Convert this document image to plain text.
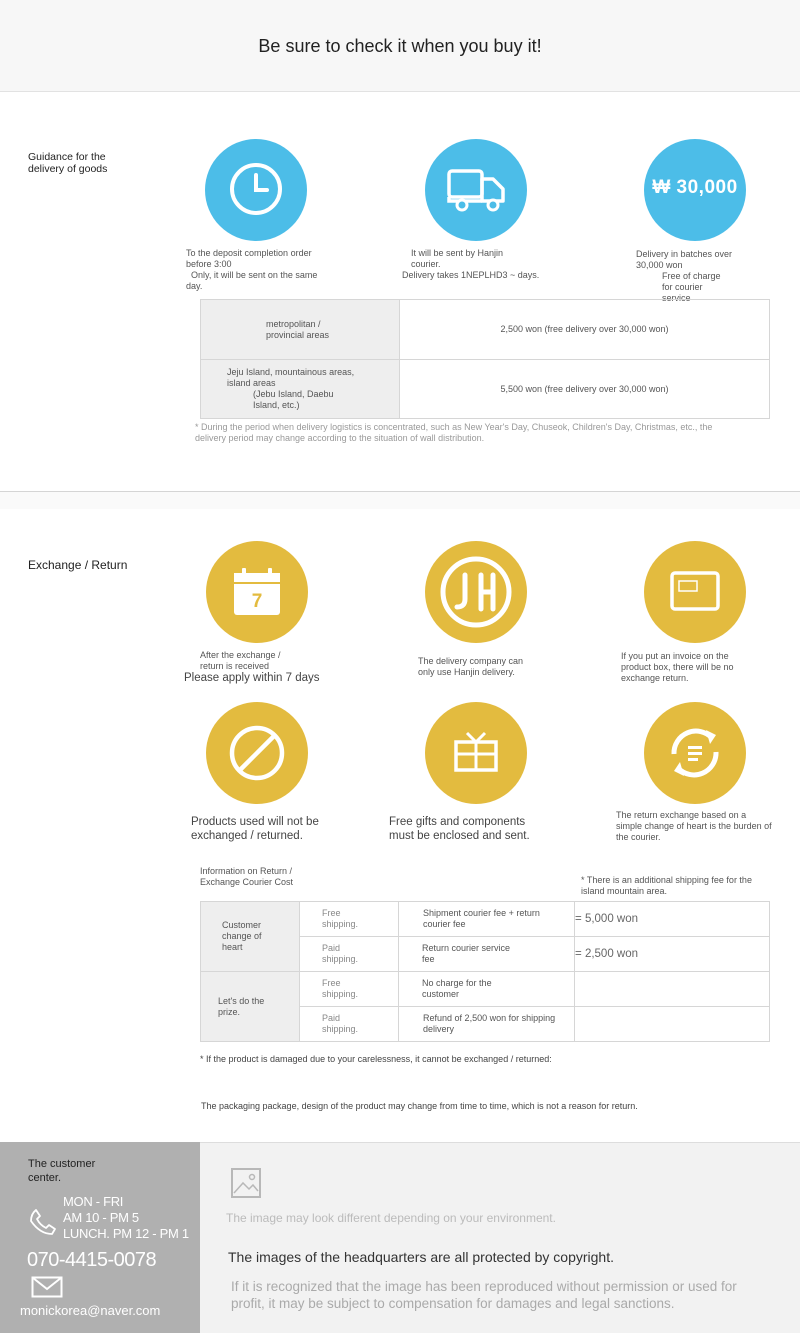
Be sure to check it when you buy it!
Guidance for the delivery of goods
₩ 30,000
To the deposit completion order before 3:00
Only, it will be sent on the same day.
It will be sent by Hanjin courier.
Delivery takes 1NEPLHD3 ~ days.
Delivery in batches over 30,000 won
Free of charge for courier service
metropolitan / provincial areas	2,500 won (free delivery over 30,000 won)
Jeju Island, mountainous areas, island areas

(Jebu Island, Daebu Island, etc.)	5,500 won (free delivery over 30,000 won)
* During the period when delivery logistics is concentrated, such as New Year's Day, Chuseok, Children's Day, Christmas, etc., the delivery period may change according to the situation of wall distribution.
Exchange / Return
7
After the exchange / return is received
Please apply within 7 days
The delivery company can only use Hanjin delivery.
If you put an invoice on the product box, there will be no exchange return.
Products used will not be exchanged / returned.
Free gifts and components must be enclosed and sent.
The return exchange based on a simple change of heart is the burden of the courier.
Information on Return / Exchange Courier Cost	* There is an additional shipping fee for the island mountain area.
Customer change of heart	Free shipping.	Shipment courier fee + return courier fee	= 5,000 won
	Paid shipping.	Return courier service fee	= 2,500 won
Let's do the prize.	Free shipping.	No charge for the customer	
	Paid shipping.	Refund of 2,500 won for shipping delivery	
* If the product is damaged due to your carelessness, it cannot be exchanged / returned:
The packaging package, design of the product may change from time to time, which is not a reason for return.
The customer center.
MON - FRI
AM 10 - PM 5
LUNCH. PM 12 - PM 1
070-4415-0078
monickorea@naver.com
The image may look different depending on your environment.
The images of the headquarters are all protected by copyright.
If it is recognized that the image has been reproduced without permission or used for profit, it may be subject to compensation for damages and legal sanctions.
